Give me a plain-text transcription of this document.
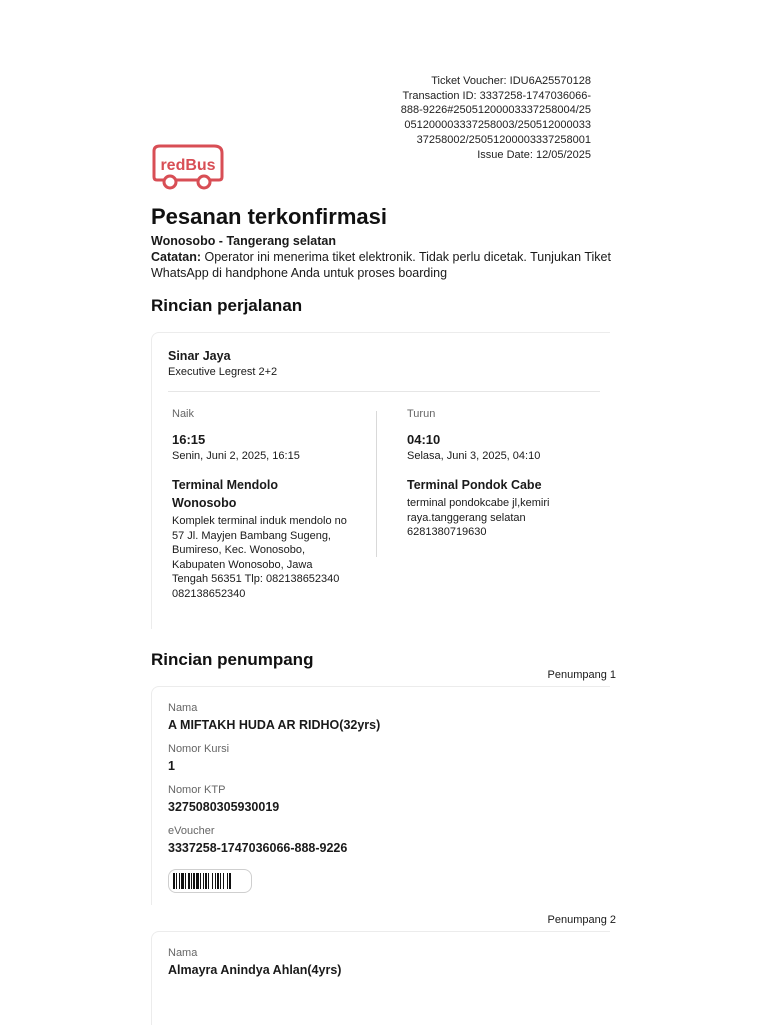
Ticket Voucher: IDU6A25570128
Transaction ID: 3337258-1747036066-888-9226#25051200003337258004/25051200003337258003/25051200003337258002/25051200003337258001
Issue Date: 12/05/2025
redBus
Pesanan terkonfirmasi
Wonosobo - Tangerang selatan
Catatan: Operator ini menerima tiket elektronik. Tidak perlu dicetak. Tunjukan Tiket WhatsApp di handphone Anda untuk proses boarding
Rincian perjalanan
Sinar Jaya
Executive Legrest 2+2
Naik
16:15
Senin, Juni 2, 2025, 16:15
Terminal Mendolo Wonosobo
Komplek terminal induk mendolo no 57 Jl. Mayjen Bambang Sugeng, Bumireso, Kec. Wonosobo, Kabupaten Wonosobo, Jawa Tengah 56351 Tlp: 082138652340 082138652340
Turun
04:10
Selasa, Juni 3, 2025, 04:10
Terminal Pondok Cabe
terminal pondokcabe jl,kemiri raya.tanggerang selatan 6281380719630
Rincian penumpang
Penumpang 1
Nama
A MIFTAKH HUDA AR RIDHO(32yrs)
Nomor Kursi
1
Nomor KTP
3275080305930019
eVoucher
3337258-1747036066-888-9226
Penumpang 2
Nama
Almayra Anindya Ahlan(4yrs)
